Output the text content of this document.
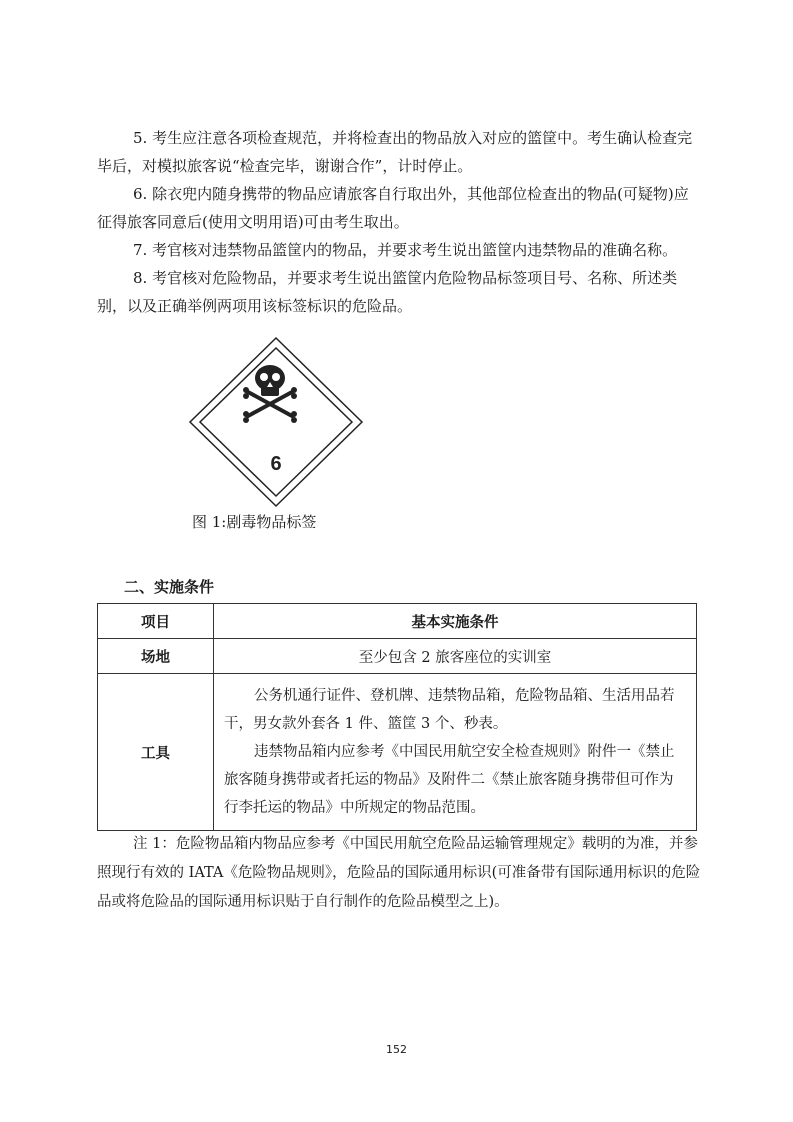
5. 考生应注意各项检查规范，并将检查出的物品放入对应的篮筐中。考生确认检查完毕后，对模拟旅客说“检查完毕，谢谢合作”，计时停止。

6. 除衣兜内随身携带的物品应请旅客自行取出外，其他部位检查出的物品(可疑物)应征得旅客同意后(使用文明用语)可由考生取出。

7. 考官核对违禁物品篮筐内的物品，并要求考生说出篮筐内违禁物品的准确名称。

8. 考官核对危险物品，并要求考生说出篮筐内危险物品标签项目号、名称、所述类别，以及正确举例两项用该标签标识的危险品。

6
图 1:剧毒物品标签
二、实施条件
项目	基本实施条件
场地	至少包含 2 旅客座位的实训室
工具	公务机通行证件、登机牌、违禁物品箱，危险物品箱、生活用品若干，男女款外套各 1 件、篮筐 3 个、秒表。

违禁物品箱内应参考《中国民用航空安全检查规则》附件一《禁止旅客随身携带或者托运的物品》及附件二《禁止旅客随身携带但可作为行李托运的物品》中所规定的物品范围。

注 1：危险物品箱内物品应参考《中国民用航空危险品运输管理规定》载明的为准，并参照现行有效的 IATA《危险物品规则》，危险品的国际通用标识(可准备带有国际通用标识的危险品或将危险品的国际通用标识贴于自行制作的危险品模型之上)。

152
